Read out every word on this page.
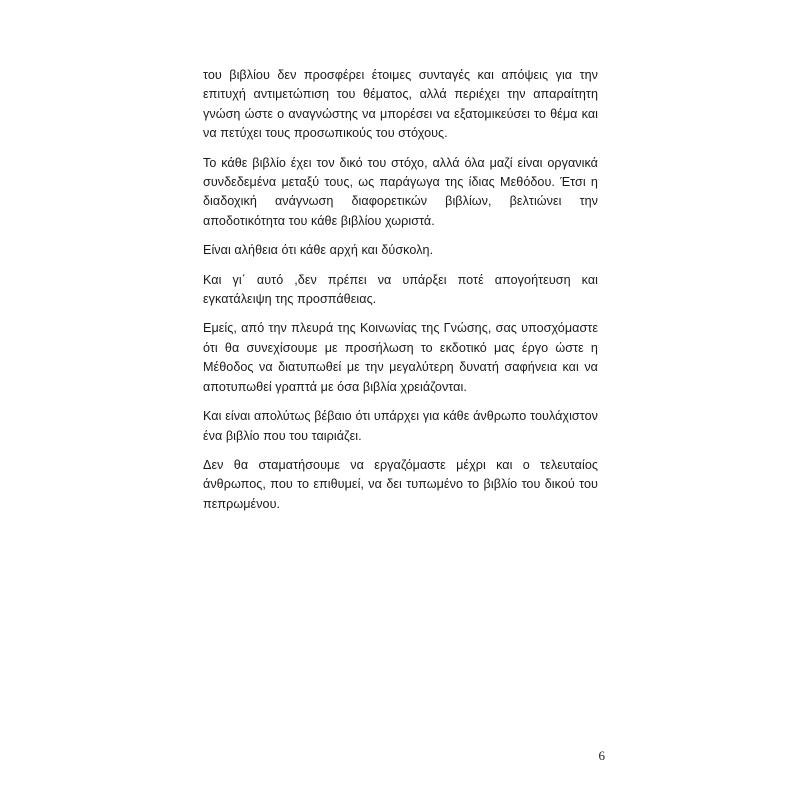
του βιβλίου δεν προσφέρει έτοιμες συνταγές και απόψεις για την επιτυχή αντιμετώπιση του θέματος, αλλά περιέχει την απαραίτητη γνώση ώστε ο αναγνώστης να μπορέσει να εξατομικεύσει το θέμα και να πετύχει τους προσωπικούς του στόχους.

Το κάθε βιβλίο έχει τον δικό του στόχο, αλλά όλα μαζί είναι οργανικά συνδεδεμένα μεταξύ τους, ως παράγωγα της ίδιας Μεθόδου. Έτσι η διαδοχική ανάγνωση διαφορετικών βιβλίων, βελτιώνει την αποδοτικότητα του κάθε βιβλίου χωριστά.

Είναι αλήθεια ότι κάθε αρχή και δύσκολη.

Και γι΄ αυτό ,δεν πρέπει να υπάρξει ποτέ απογοήτευση και εγκατάλειψη της προσπάθειας.

Εμείς, από την πλευρά της Κοινωνίας της Γνώσης, σας υποσχόμαστε ότι θα συνεχίσουμε με προσήλωση το εκδοτικό μας έργο ώστε η Μέθοδος να διατυπωθεί με την μεγαλύτερη δυνατή σαφήνεια και να αποτυπωθεί γραπτά με όσα βιβλία χρειάζονται.

Και είναι απολύτως βέβαιο ότι υπάρχει για κάθε άνθρωπο τουλάχιστον ένα βιβλίο που του ταιριάζει.

Δεν θα σταματήσουμε να εργαζόμαστε μέχρι και ο τελευταίος άνθρωπος, που το επιθυμεί, να δει τυπωμένο το βιβλίο του δικού του πεπρωμένου.

6
